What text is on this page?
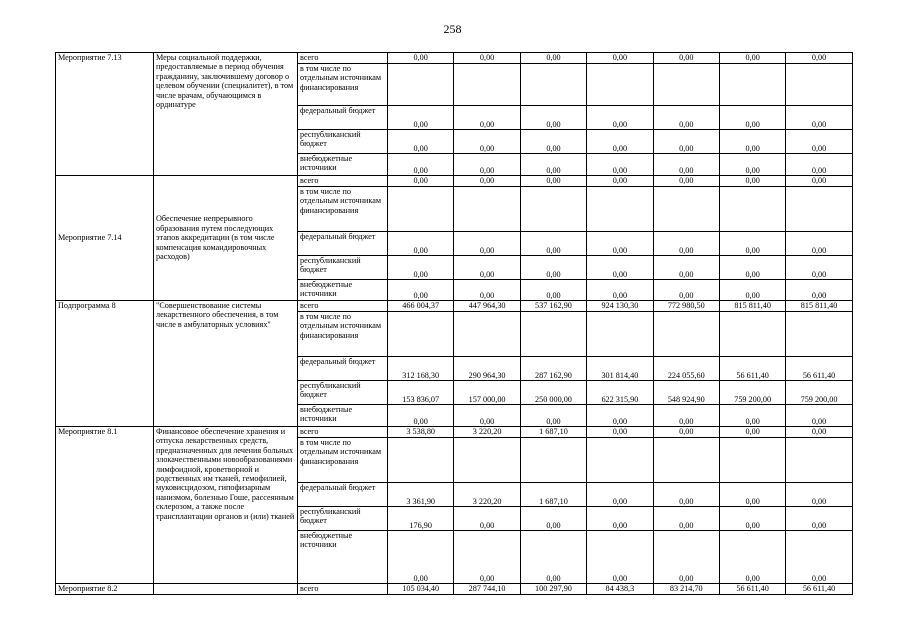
258
Мероприятие 7.13	Меры социальной поддержки, предоставляемые в период обучения гражданину, заключившему договор о целевом обучении (специалитет), в том числе врачам, обучающимся в ординатуре	всего	0,00	0,00	0,00	0,00	0,00	0,00	0,00
		в том числе по отдельным источникам финансирования							
		федеральный бюджет	0,00	0,00	0,00	0,00	0,00	0,00	0,00
		республиканский бюджет	0,00	0,00	0,00	0,00	0,00	0,00	0,00
		внебюджетные источники	0,00	0,00	0,00	0,00	0,00	0,00	0,00
Мероприятие 7.14	Обеспечение непрерывного образования путем последующих этапов аккредитации (в том числе компенсация командировочных расходов)	всего	0,00	0,00	0,00	0,00	0,00	0,00	0,00
		в том числе по отдельным источникам финансирования							
		федеральный бюджет	0,00	0,00	0,00	0,00	0,00	0,00	0,00
		республиканский бюджет	0,00	0,00	0,00	0,00	0,00	0,00	0,00
		внебюджетные источники	0,00	0,00	0,00	0,00	0,00	0,00	0,00
Подпрограмма 8	"Совершенствование системы лекарственного обеспечения, в том числе в амбулаторных условиях"	всего	466 004,37	447 964,30	537 162,90	924 130,30	772 980,50	815 811,40	815 811,40
		в том числе по отдельным источникам финансирования							
		федеральный бюджет	312 168,30	290 964,30	287 162,90	301 814,40	224 055,60	56 611,40	56 611,40
		республиканский бюджет	153 836,07	157 000,00	250 000,00	622 315,90	548 924,90	759 200,00	759 200,00
		внебюджетные источники	0,00	0,00	0,00	0,00	0,00	0,00	0,00
Мероприятие 8.1	Финансовое обеспечение хранения и отпуска лекарственных средств, предназначенных для лечения больных злокачественными новообразованиями лимфоидной, кроветворной и родственных им тканей, гемофилией, муковисцидозом, гипофизарным нанизмом, болезнью Гоше, рассеянным склерозом, а также после трансплантации органов и (или) тканей	всего	3 538,80	3 220,20	1 687,10	0,00	0,00	0,00	0,00
		в том числе по отдельным источникам финансирования							
		федеральный бюджет	3 361,90	3 220,20	1 687,10	0,00	0,00	0,00	0,00
		республиканский бюджет	176,90	0,00	0,00	0,00	0,00	0,00	0,00
		внебюджетные источники	0,00	0,00	0,00	0,00	0,00	0,00	0,00
Мероприятие 8.2		всего	105 034,40	287 744,10	100 297,90	84 438,3	83 214,70	56 611,40	56 611,40
